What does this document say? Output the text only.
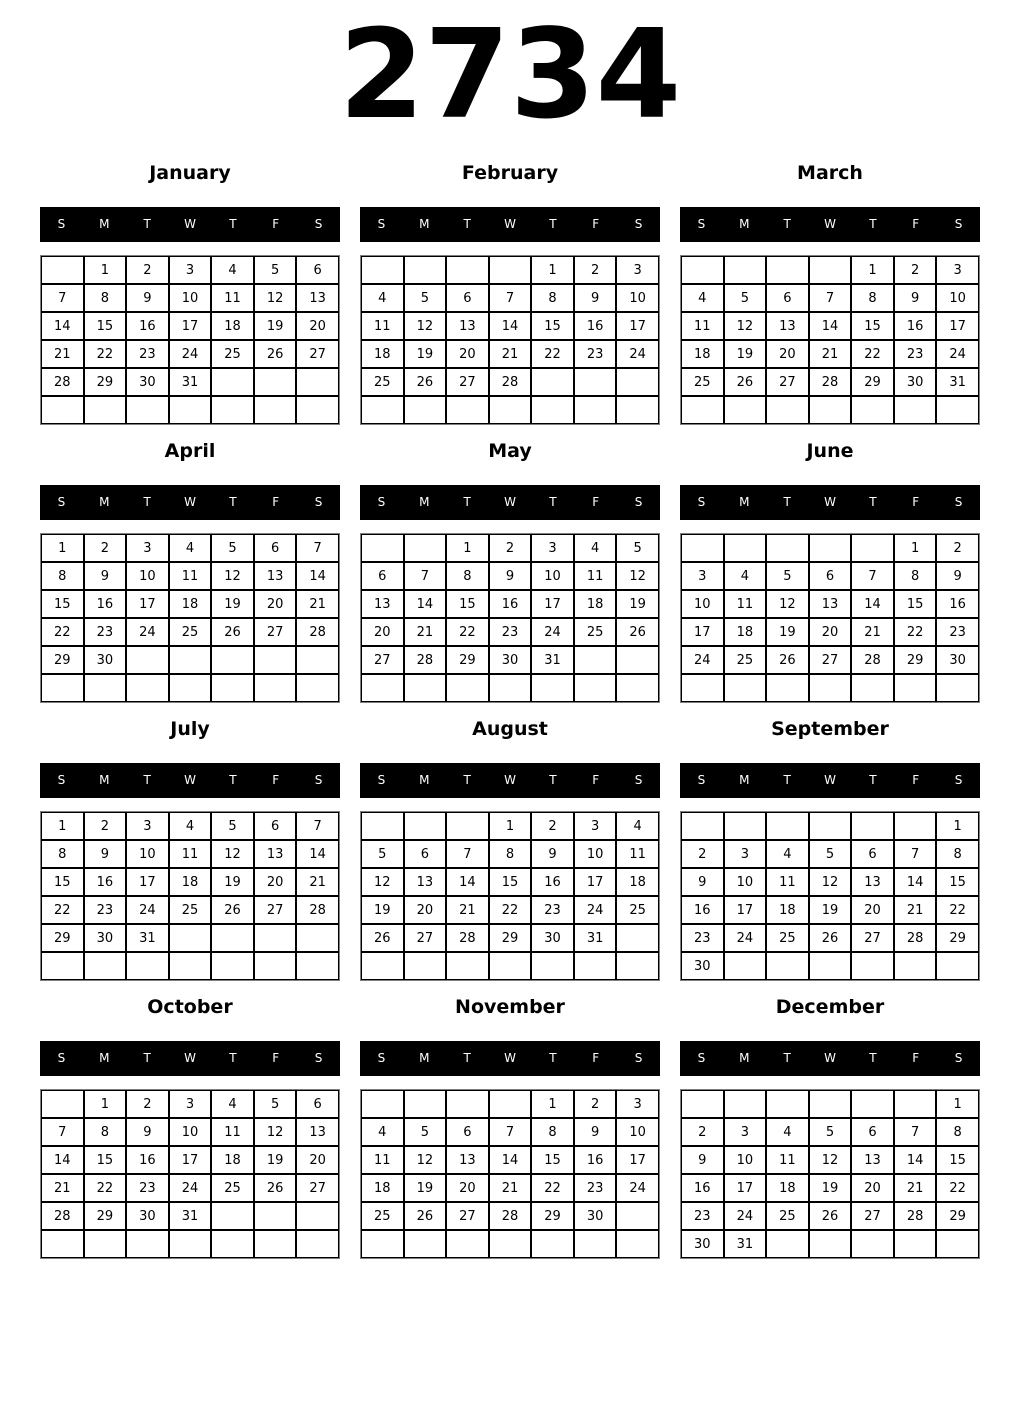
2734
January
S	M	T	W	T	F	S
	1	2	3	4	5	6
7	8	9	10	11	12	13
14	15	16	17	18	19	20
21	22	23	24	25	26	27
28	29	30	31			

February
S	M	T	W	T	F	S
				1	2	3
4	5	6	7	8	9	10
11	12	13	14	15	16	17
18	19	20	21	22	23	24
25	26	27	28			

March
S	M	T	W	T	F	S
				1	2	3
4	5	6	7	8	9	10
11	12	13	14	15	16	17
18	19	20	21	22	23	24
25	26	27	28	29	30	31

April
S	M	T	W	T	F	S
1	2	3	4	5	6	7
8	9	10	11	12	13	14
15	16	17	18	19	20	21
22	23	24	25	26	27	28
29	30					

May
S	M	T	W	T	F	S
		1	2	3	4	5
6	7	8	9	10	11	12
13	14	15	16	17	18	19
20	21	22	23	24	25	26
27	28	29	30	31		

June
S	M	T	W	T	F	S
					1	2
3	4	5	6	7	8	9
10	11	12	13	14	15	16
17	18	19	20	21	22	23
24	25	26	27	28	29	30

July
S	M	T	W	T	F	S
1	2	3	4	5	6	7
8	9	10	11	12	13	14
15	16	17	18	19	20	21
22	23	24	25	26	27	28
29	30	31				

August
S	M	T	W	T	F	S
			1	2	3	4
5	6	7	8	9	10	11
12	13	14	15	16	17	18
19	20	21	22	23	24	25
26	27	28	29	30	31	

September
S	M	T	W	T	F	S
						1
2	3	4	5	6	7	8
9	10	11	12	13	14	15
16	17	18	19	20	21	22
23	24	25	26	27	28	29
30						
October
S	M	T	W	T	F	S
	1	2	3	4	5	6
7	8	9	10	11	12	13
14	15	16	17	18	19	20
21	22	23	24	25	26	27
28	29	30	31			

November
S	M	T	W	T	F	S
				1	2	3
4	5	6	7	8	9	10
11	12	13	14	15	16	17
18	19	20	21	22	23	24
25	26	27	28	29	30	

December
S	M	T	W	T	F	S
						1
2	3	4	5	6	7	8
9	10	11	12	13	14	15
16	17	18	19	20	21	22
23	24	25	26	27	28	29
30	31					
